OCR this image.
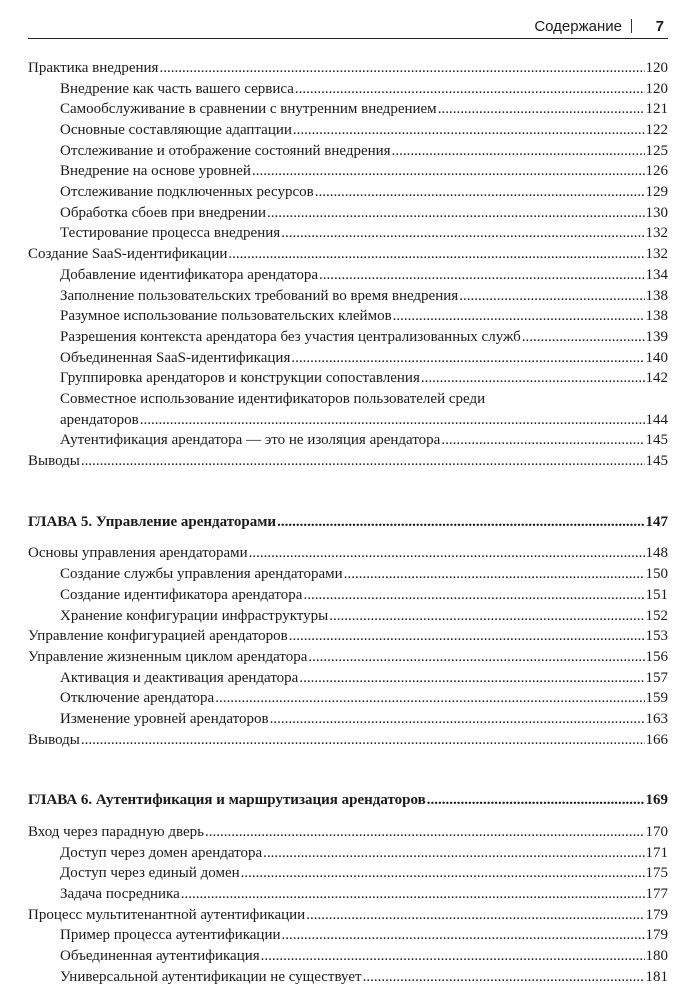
Содержание 7
Практика внедрения .....	120
Внедрение как часть вашего сервиса .....	120
Самообслуживание в сравнении с внутренним внедрением .....	121
Основные составляющие адаптации .....	122
Отслеживание и отображение состояний внедрения .....	125
Внедрение на основе уровней .....	126
Отслеживание подключенных ресурсов .....	129
Обработка сбоев при внедрении .....	130
Тестирование процесса внедрения .....	132
Создание SaaS-идентификации .....	132
Добавление идентификатора арендатора .....	134
Заполнение пользовательских требований во время внедрения .....	138
Разумное использование пользовательских клеймов .....	138
Разрешения контекста арендатора без участия централизованных служб .....	139
Объединенная SaaS-идентификация .....	140
Группировка арендаторов и конструкции сопоставления .....	142
Совместное использование идентификаторов пользователей среди
арендаторов .....	144
Аутентификация арендатора — это не изоляция арендатора .....	145
Выводы .....	145
ГЛАВА 5. Управление арендаторами .....	147
Основы управления арендаторами .....	148
Создание службы управления арендаторами .....	150
Создание идентификатора арендатора .....	151
Хранение конфигурации инфраструктуры .....	152
Управление конфигурацией арендаторов .....	153
Управление жизненным циклом арендатора .....	156
Активация и деактивация арендатора .....	157
Отключение арендатора .....	159
Изменение уровней арендаторов .....	163
Выводы .....	166
ГЛАВА 6. Аутентификация и маршрутизация арендаторов .....	169
Вход через парадную дверь .....	170
Доступ через домен арендатора .....	171
Доступ через единый домен .....	175
Задача посредника .....	177
Процесс мультитенантной аутентификации .....	179
Пример процесса аутентификации .....	179
Объединенная аутентификация .....	180
Универсальной аутентификации не существует .....	181
